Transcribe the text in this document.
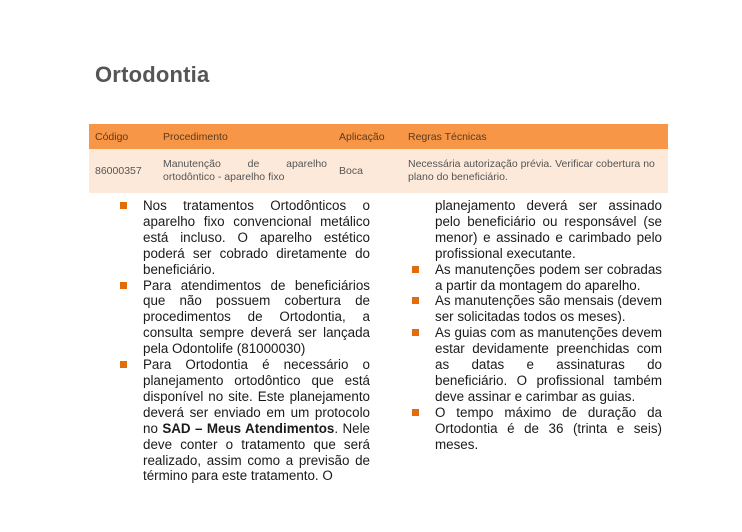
Ortodontia
Código	Procedimento	Aplicação	Regras Técnicas
86000357	Manutenção de aparelho ortodôntico - aparelho fixo	Boca	Necessária autorização prévia. Verificar cobertura no plano do beneficiário.
Nos tratamentos Ortodônticos o aparelho fixo convencional metálico está incluso. O aparelho estético poderá ser cobrado diretamente do beneficiário.
Para atendimentos de beneficiários que não possuem cobertura de procedimentos de Ortodontia, a consulta sempre deverá ser lançada pela Odontolife (81000030)
Para Ortodontia é necessário o planejamento ortodôntico que está disponível no site. Este planejamento deverá ser enviado em um protocolo no SAD – Meus Atendimentos. Nele deve conter o tratamento que será realizado, assim como a previsão de término para este tratamento. O
planejamento deverá ser assinado pelo beneficiário ou responsável (se menor) e assinado e carimbado pelo profissional executante.
As manutenções podem ser cobradas a partir da montagem do aparelho.
As manutenções são mensais (devem ser solicitadas todos os meses).
As guias com as manutenções devem estar devidamente preenchidas com as datas e assinaturas do beneficiário. O profissional também deve assinar e carimbar as guias.
O tempo máximo de duração da Ortodontia é de 36 (trinta e seis) meses.
